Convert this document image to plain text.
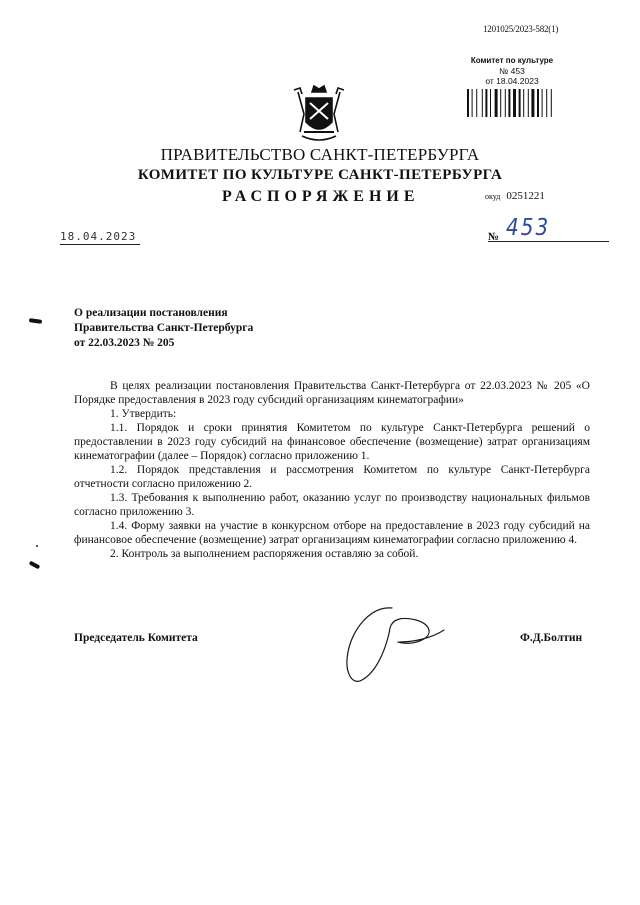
1201025/2023-582(1)
Комитет по культуре
№ 453
от 18.04.2023
ПРАВИТЕЛЬСТВО САНКТ-ПЕТЕРБУРГА
КОМИТЕТ ПО КУЛЬТУРЕ САНКТ-ПЕТЕРБУРГА
РАСПОРЯЖЕНИЕ	окуд 0251221
18.04.2023	№ 453
О реализации постановления
Правительства Санкт-Петербурга
от 22.03.2023 № 205

В целях реализации постановления Правительства Санкт-Петербурга от 22.03.2023 № 205 «О Порядке предоставления в 2023 году субсидий организациям кинематографии»

1. Утвердить:

1.1. Порядок и сроки принятия Комитетом по культуре Санкт-Петербурга решений о предоставлении в 2023 году субсидий на финансовое обеспечение (возмещение) затрат организациям кинематографии (далее – Порядок) согласно приложению 1.

1.2. Порядок представления и рассмотрения Комитетом по культуре Санкт-Петербурга отчетности согласно приложению 2.

1.3. Требования к выполнению работ, оказанию услуг по производству национальных фильмов согласно приложению 3.

1.4. Форму заявки на участие в конкурсном отборе на предоставление в 2023 году субсидий на финансовое обеспечение (возмещение) затрат организациям кинематографии согласно приложению 4.

2. Контроль за выполнением распоряжения оставляю за собой.

Председатель Комитета	Ф.Д.Болтин
